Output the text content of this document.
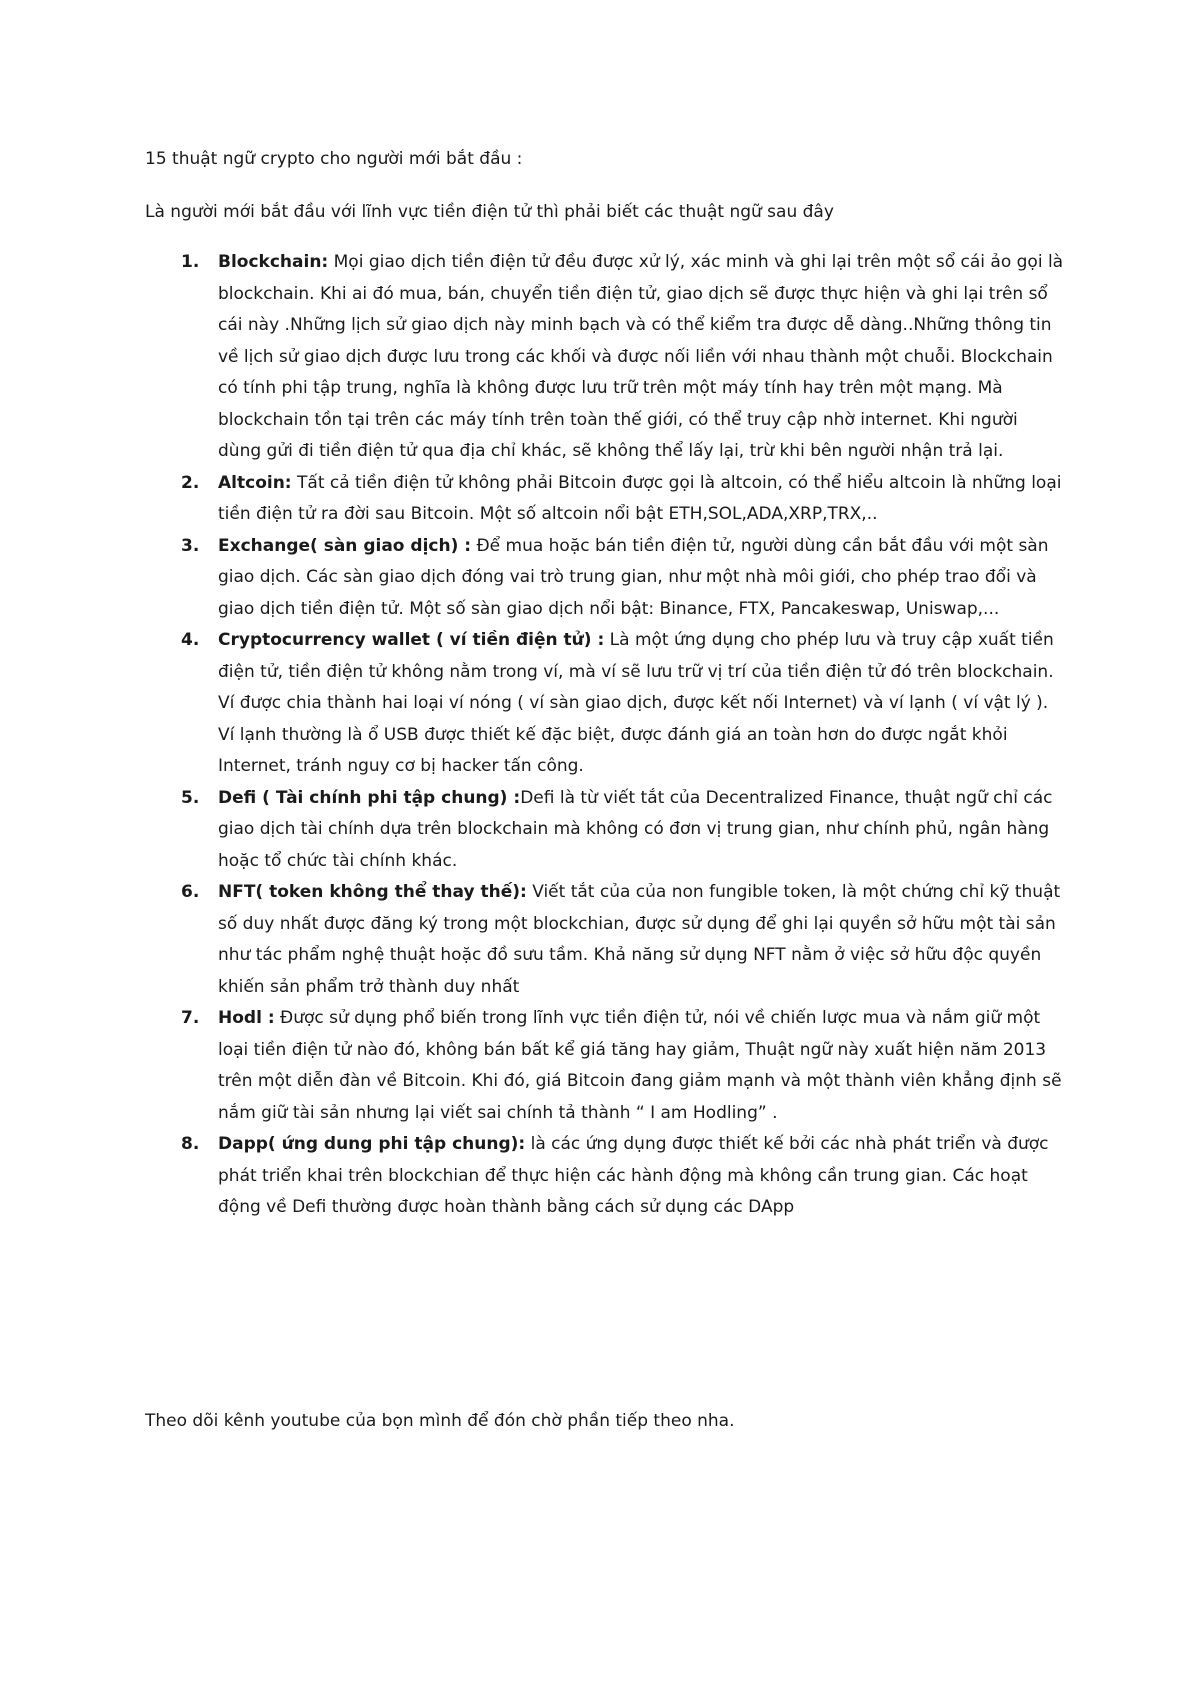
15 thuật ngữ crypto cho người mới bắt đầu :
Là người mới bắt đầu với lĩnh vực tiền điện tử thì phải biết các thuật ngữ sau đây
1. Blockchain: Mọi giao dịch tiền điện tử đều được xử lý, xác minh và ghi lại trên một sổ cái ảo gọi là blockchain. Khi ai đó mua, bán, chuyển tiền điện tử, giao dịch sẽ được thực hiện và ghi lại trên sổ cái này .Những lịch sử giao dịch này minh bạch và có thể kiểm tra được dễ dàng..Những thông tin về lịch sử giao dịch được lưu trong các khối và được nối liền với nhau thành một chuỗi. Blockchain có tính phi tập trung, nghĩa là không được lưu trữ trên một máy tính hay trên một mạng. Mà blockchain tồn tại trên các máy tính trên toàn thế giới, có thể truy cập nhờ internet. Khi người dùng gửi đi tiền điện tử qua địa chỉ khác, sẽ không thể lấy lại, trừ khi bên người nhận trả lại.
2. Altcoin: Tất cả tiền điện tử không phải Bitcoin được gọi là altcoin, có thể hiểu altcoin là những loại tiền điện tử ra đời sau Bitcoin. Một số altcoin nổi bật ETH,SOL,ADA,XRP,TRX,..
3. Exchange( sàn giao dịch) : Để mua hoặc bán tiền điện tử, người dùng cần bắt đầu với một sàn giao dịch. Các sàn giao dịch đóng vai trò trung gian, như một nhà môi giới, cho phép trao đổi và giao dịch tiền điện tử. Một số sàn giao dịch nổi bật: Binance, FTX, Pancakeswap, Uniswap,...
4. Cryptocurrency wallet ( ví tiền điện tử) : Là một ứng dụng cho phép lưu và truy cập xuất tiền điện tử, tiền điện tử không nằm trong ví, mà ví sẽ lưu trữ vị trí của tiền điện tử đó trên blockchain. Ví được chia thành hai loại ví nóng ( ví sàn giao dịch, được kết nối Internet) và ví lạnh ( ví vật lý ). Ví lạnh thường là ổ USB được thiết kế đặc biệt, được đánh giá an toàn hơn do được ngắt khỏi Internet, tránh nguy cơ bị hacker tấn công.
5. Defi ( Tài chính phi tập chung) :Defi là từ viết tắt của Decentralized Finance, thuật ngữ chỉ các giao dịch tài chính dựa trên blockchain mà không có đơn vị trung gian, như chính phủ, ngân hàng hoặc tổ chức tài chính khác.
6. NFT( token không thể thay thế): Viết tắt của của non fungible token, là một chứng chỉ kỹ thuật số duy nhất được đăng ký trong một blockchian, được sử dụng để ghi lại quyền sở hữu một tài sản như tác phẩm nghệ thuật hoặc đồ sưu tầm. Khả năng sử dụng NFT nằm ở việc sở hữu độc quyền khiến sản phẩm trở thành duy nhất
7. Hodl : Được sử dụng phổ biến trong lĩnh vực tiền điện tử, nói về chiến lược mua và nắm giữ một loại tiền điện tử nào đó, không bán bất kể giá tăng hay giảm, Thuật ngữ này xuất hiện năm 2013 trên một diễn đàn về Bitcoin. Khi đó, giá Bitcoin đang giảm mạnh và một thành viên khẳng định sẽ nắm giữ tài sản nhưng lại viết sai chính tả thành “ I am Hodling” .
8. Dapp( ứng dung phi tập chung): là các ứng dụng được thiết kế bởi các nhà phát triển và được phát triển khai trên blockchian để thực hiện các hành động mà không cần trung gian. Các hoạt động về Defi thường được hoàn thành bằng cách sử dụng các DApp
Theo dõi kênh youtube của bọn mình để đón chờ phần tiếp theo nha.
